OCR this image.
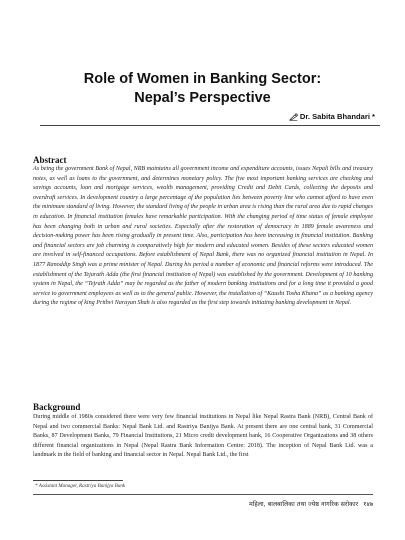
Role of Women in Banking Sector:
Nepal’s Perspective
Dr. Sabita Bhandari *
Abstract

As being the government Bank of Nepal, NRB maintains all government income and expenditure accounts, issues Nepali bills and treasury notes, as well as loans to the government, and determines monetary policy. The five most important banking services are checking and savings accounts, loan and mortgage services, wealth management, providing Credit and Debit Cards, collecting the deposits and overdraft services. In development country a large percentage of the population lies between poverty line who cannot afford to have even the minimum standard of living. However, the standard living of the people in urban area is rising than the rural area due to rapid changes in education. In financial institution females have remarkable participation. With the changing period of time status of female employee has been changing both in urban and rural societies. Especially after the restoration of democracy in 1889 female awareness and decision-making power has been rising gradually in present time. Also, participation has been increasing in financial institution. Banking and financial sectors are job charming is comparatively high for modern and educated women. Besides of these sectors educated women are involved in self-financed occupations. Before establishment of Nepal Bank, there was no organized financial institution in Nepal. In 1877 Ranoddip Singh was a prime minister of Nepal. During his period a number of economic and financial reforms were introduced. The establishment of the Tejarath Adda (the first financial institution of Nepal) was established by the government. Development of 10 banking system in Nepal, the “Tejrath Adda” may be regarded as the father of modern banking institutions and for a long time it provided a good service to government employees as well as to the general public. However, the installation of “Kaushi Tosha Khana” as a banking agency during the regime of king Prithvi Narayan Shah is also regarded as the first step towards initiating banking development in Nepal.

Background

During middle of 1980s considered there were very few financial institutions in Nepal like Nepal Rastra Bank (NRB), Central Bank of Nepal and two commercial Banks: Nepal Bank Ltd. and Rastriya Banijya Bank. At present there are one central bank, 31 Commercial Banks, 87 Development Banks, 79 Financial Institutions, 21 Micro credit development bank, 16 Cooperative Organizations and 38 others different financial organizations in Nepal (Nepal Rastra Bank Information Centre: 2018). The inception of Nepal Bank Ltd. was a landmark in the field of banking and financial sector in Nepal. Nepal Bank Ltd., the first

* Assistant Manager, Rastriya Banijya Bank
महिला, बालबालिका तथा ज्येष्ठ नागरिक सरोकार १४७
